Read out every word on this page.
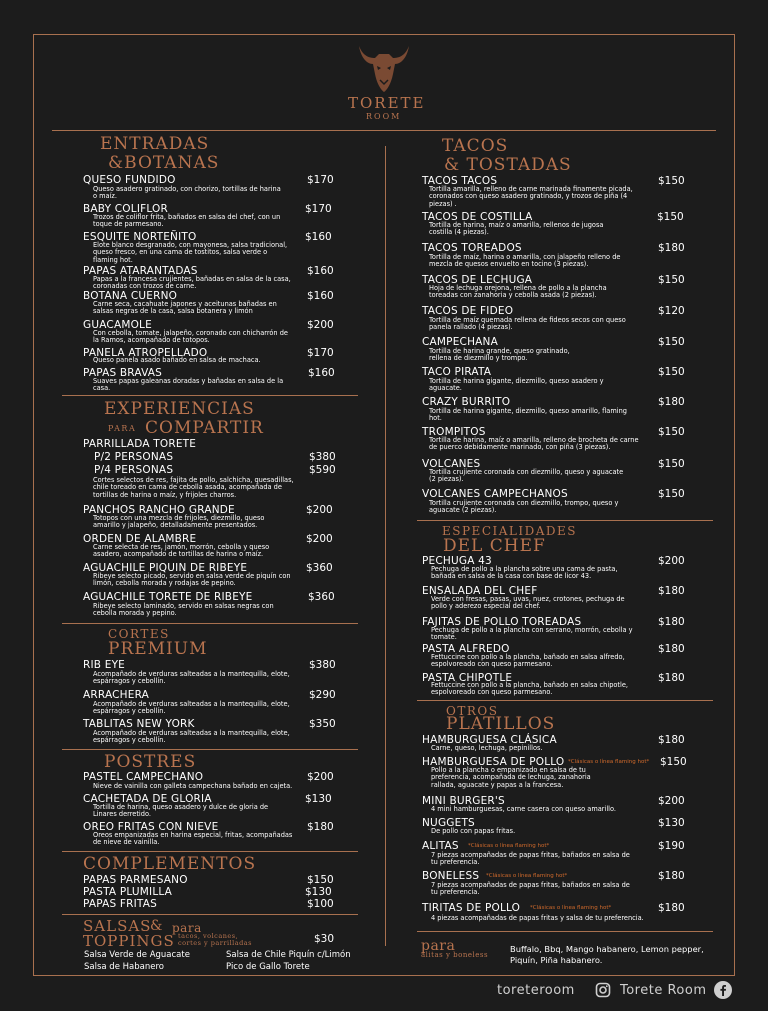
TORETE
ROOM
ENTRADAS
&BOTANAS
QUESO FUNDIDO	$170
Queso asadero gratinado, con chorizo, tortillas de harina o maíz.
BABY COLIFLOR	$170
Trozos de coliflor frita, bañados en salsa del chef, con un toque de parmesano.
ESQUITE NORTEÑITO	$160
Elote blanco desgranado, con mayonesa, salsa tradicional, queso fresco, en una cama de tostitos, salsa verde o flaming hot.
PAPAS ATARANTADAS	$160
Papas a la francesa crujientes, bañadas en salsa de la casa, coronadas con trozos de carne.
BOTANA CUERNO	$160
Carne seca, cacahuate japones y aceitunas bañadas en salsas negras de la casa, salsa botanera y limón
GUACAMOLE	$200
Con cebolla, tomate, jalapeño, coronado con chicharrón de la Ramos, acompañado de totopos.
PANELA ATROPELLADO	$170
Queso panela asado bañado en salsa de machaca.
PAPAS BRAVAS	$160
Suaves papas galeanas doradas y bañadas en salsa de la casa.
EXPERIENCIAS
PARA COMPARTIR
PARRILLADA TORETE
P/2 PERSONAS	$380
P/4 PERSONAS	$590
Cortes selectos de res, fajita de pollo, salchicha, quesadillas, chile toreado en cama de cebolla asada, acompañada de tortillas de harina o maíz, y frijoles charros.
PANCHOS RANCHO GRANDE	$200
Totopos con una mezcla de frijoles, diezmillo, queso amarillo y jalapeño, detalladamente presentados.
ORDEN DE ALAMBRE	$200
Carne selecta de res, jamón, morrón, cebolla y queso asadero, acompañado de tortillas de harina o maíz.
AGUACHILE PIQUIN DE RIBEYE	$360
Ribeye selecto picado, servido en salsa verde de piquín con limón, cebolla morada y rodajas de pepino.
AGUACHILE TORETE DE RIBEYE	$360
Ribeye selecto laminado, servido en salsas negras con cebolla morada y pepino.
CORTES
PREMIUM
RIB EYE	$380
Acompañado de verduras salteadas a la mantequilla, elote, espárragos y cebollín.
ARRACHERA	$290
Acompañado de verduras salteadas a la mantequilla, elote, espárragos y cebollín.
TABLITAS NEW YORK	$350
Acompañado de verduras salteadas a la mantequilla, elote, espárragos y cebollín.
POSTRES
PASTEL CAMPECHANO	$200
Nieve de vainilla con galleta campechana bañado en cajeta.
CACHETADA DE GLORIA	$130
Tortilla de harina, queso asadero y dulce de gloria de Linares derretido.
OREO FRITAS CON NIEVE	$180
Oreos empanizadas en harina especial, fritas, acompañadas de nieve de vainilla.
COMPLEMENTOS
PAPAS PARMESANO	$150
PASTA PLUMILLA	$130
PAPAS FRITAS	$100
SALSAS
&
TOPPINGS
para
tacos, volcanes,
cortes y parrilladas	$30
Salsa Verde de Aguacate	Salsa de Chile Piquín c/Limón
Salsa de Habanero	Pico de Gallo Torete
TACOS
& TOSTADAS
TACOS TACOS	$150
Tortilla amarilla, relleno de carne marinada finamente picada, coronados con queso asadero gratinado, y trozos de piña (4 piezas) .
TACOS DE COSTILLA	$150
Tortilla de harina, maíz o amarilla, rellenos de jugosa costilla (4 piezas).
TACOS TOREADOS	$180
Tortilla de maíz, harina o amarilla, con jalapeño relleno de mezcla de quesos envuelto en tocino (3 piezas).
TACOS DE LECHUGA	$150
Hoja de lechuga orejona, rellena de pollo a la plancha toreadas con zanahoria y cebolla asada (2 piezas).
TACOS DE FIDEO	$120
Tortilla de maíz quemada rellena de fideos secos con queso panela rallado (4 piezas).
CAMPECHANA	$150
Tortilla de harina grande, queso gratinado, rellena de diezmillo y trompo.
TACO PIRATA	$150
Tortilla de harina gigante, diezmillo, queso asadero y aguacate.
CRAZY BURRITO	$180
Tortilla de harina gigante, diezmillo, queso amarillo, flaming hot.
TROMPITOS	$150
Tortilla de harina, maíz o amarilla, relleno de brocheta de carne de puerco debidamente marinado, con piña (3 piezas).
VOLCANES	$150
Tortilla crujiente coronada con diezmillo, queso y aguacate (2 piezas).
VOLCANES CAMPECHANOS	$150
Tortilla crujiente coronada con diezmillo, trompo, queso y aguacate (2 piezas).
ESPECIALIDADES
DEL CHEF
PECHUGA 43	$200
Pechuga de pollo a la plancha sobre una cama de pasta, bañada en salsa de la casa con base de licor 43.
ENSALADA DEL CHEF	$180
Verde con fresas, pasas, uvas, nuez, crotones, pechuga de pollo y aderezo especial del chef.
FAJITAS DE POLLO TOREADAS	$180
Pechuga de pollo a la plancha con serrano, morrón, cebolla y tomate.
PASTA ALFREDO	$180
Fettuccine con pollo a la plancha, bañado en salsa alfredo, espolvoreado con queso parmesano.
PASTA CHIPOTLE	$180
Fettuccine con pollo a la plancha, bañado en salsa chipotle, espolvoreado con queso parmesano.
OTROS
PLATILLOS
HAMBURGUESA CLÁSICA	$180
Carne, queso, lechuga, pepinillos.
HAMBURGUESA DE POLLO *Clásicas o línea flaming hot* $150
Pollo a la plancha o empanizado en salsa de tu preferencia, acompañada de lechuga, zanahoria rallada, aguacate y papas a la francesa.
MINI BURGER'S	$200
4 mini hamburguesas, carne casera con queso amarillo.
NUGGETS	$130
De pollo con papas fritas.
ALITAS *Clásicas o línea flaming hot*	$190
7 piezas acompañadas de papas fritas, bañados en salsa de tu preferencia.
BONELESS *Clásicas o línea flaming hot*	$180
7 piezas acompañadas de papas fritas, bañados en salsa de tu preferencia.
TIRITAS DE POLLO *Clásicas o línea flaming hot*	$180
4 piezas acompañadas de papas fritas y salsa de tu preferencia.
para
alitas y boneless
Buffalo, Bbq, Mango habanero, Lemon pepper,
Piquín, Piña habanero.
toreteroom	Torete Room
